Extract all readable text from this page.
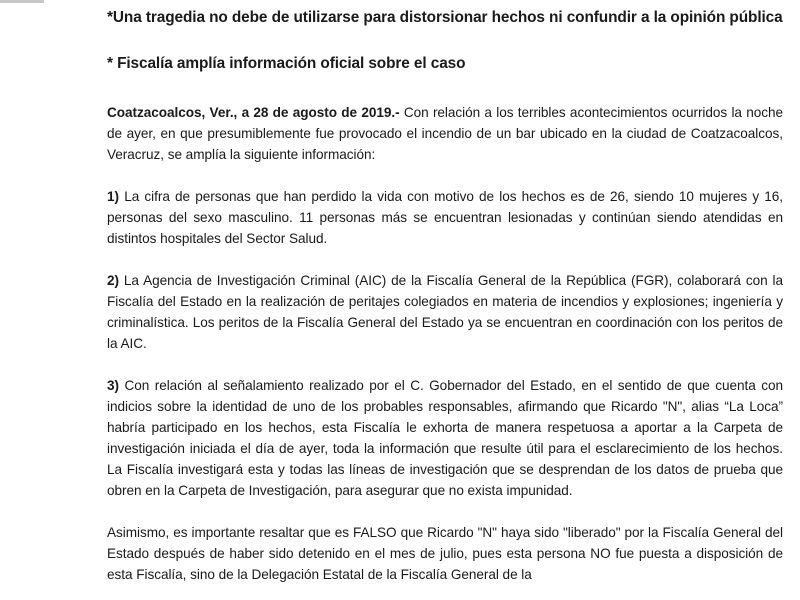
*Una tragedia no debe de utilizarse para distorsionar hechos ni confundir a la opinión pública

* Fiscalía amplía información oficial sobre el caso

Coatzacoalcos, Ver., a 28 de agosto de 2019.- Con relación a los terribles acontecimientos ocurridos la noche de ayer, en que presumiblemente fue provocado el incendio de un bar ubicado en la ciudad de Coatzacoalcos, Veracruz, se amplía la siguiente información:

1) La cifra de personas que han perdido la vida con motivo de los hechos es de 26, siendo 10 mujeres y 16, personas del sexo masculino. 11 personas más se encuentran lesionadas y continúan siendo atendidas en distintos hospitales del Sector Salud.

2) La Agencia de Investigación Criminal (AIC) de la Fiscalía General de la República (FGR), colaborará con la Fiscalía del Estado en la realización de peritajes colegiados en materia de incendios y explosiones; ingeniería y criminalística. Los peritos de la Fiscalía General del Estado ya se encuentran en coordinación con los peritos de la AIC.

3) Con relación al señalamiento realizado por el C. Gobernador del Estado, en el sentido de que cuenta con indicios sobre la identidad de uno de los probables responsables, afirmando que Ricardo "N", alias “La Loca” habría participado en los hechos, esta Fiscalía le exhorta de manera respetuosa a aportar a la Carpeta de investigación iniciada el día de ayer, toda la información que resulte útil para el esclarecimiento de los hechos. La Fiscalía investigará esta y todas las líneas de investigación que se desprendan de los datos de prueba que obren en la Carpeta de Investigación, para asegurar que no exista impunidad.

Asimismo, es importante resaltar que es FALSO que Ricardo "N" haya sido "liberado" por la Fiscalía General del Estado después de haber sido detenido en el mes de julio, pues esta persona NO fue puesta a disposición de esta Fiscalía, sino de la Delegación Estatal de la Fiscalía General de la
